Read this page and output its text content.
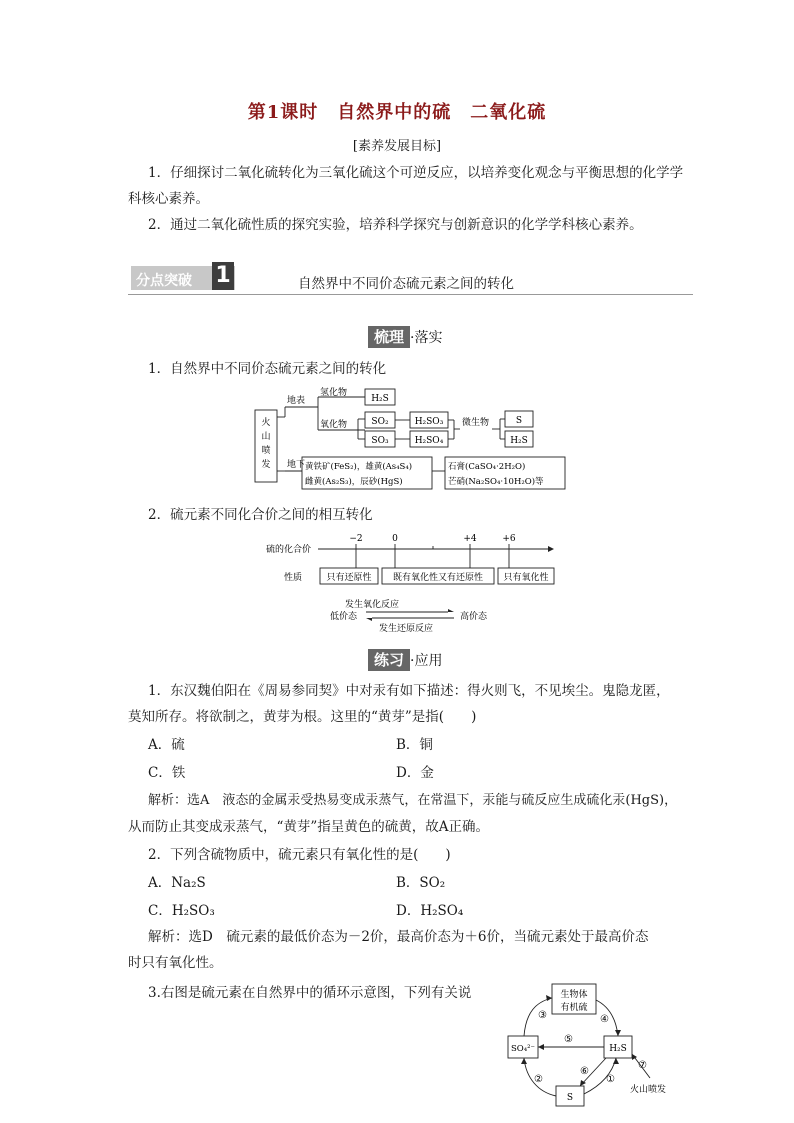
第1课时　自然界中的硫　二氧化硫
[素养发展目标]
1．仔细探讨二氧化硫转化为三氧化硫这个可逆反应，以培养变化观念与平衡思想的化学学科核心素养。
2．通过二氧化硫性质的探究实验，培养科学探究与创新意识的化学学科核心素养。
分点突破 1	自然界中不同价态硫元素之间的转化
梳理 ·落实
1．自然界中不同价态硫元素之间的转化
火
山
喷
发
地表
氢化物
氧化物
H₂S
SO₂
SO₃
H₂SO₃
H₂SO₄
微生物	S
H₂S
地下 黄铁矿(FeS₂)，雄黄(As₄S₄)
雌黄(As₂S₃)，辰砂(HgS)
石膏(CaSO₄·2H₂O)
芒硝(Na₂SO₄·10H₂O)等
2．硫元素不同化合价之间的相互转化
硫的化合价
−2	0	+4	+6
性质	只有还原性 既有氧化性又有还原性 只有氧化性
发生氧化反应
低价态	高价态
发生还原反应
练习 ·应用
1．东汉魏伯阳在《周易参同契》中对汞有如下描述：得火则飞，不见埃尘。鬼隐龙匿，
莫知所存。将欲制之，黄芽为根。这里的“黄芽”是指(　　)
A．硫	B．铜
C．铁	D．金
解析：选A　液态的金属汞受热易变成汞蒸气，在常温下，汞能与硫反应生成硫化汞(HgS)，
从而防止其变成汞蒸气，“黄芽”指呈黄色的硫黄，故A正确。
2．下列含硫物质中，硫元素只有氧化性的是(　　)
A．Na₂S	B．SO₂
C．H₂SO₃	D．H₂SO₄
解析：选D　硫元素的最低价态为－2价，最高价态为＋6价，当硫元素处于最高价态
时只有氧化性。
3.右图是硫元素在自然界中的循环示意图，下列有关说	生物体
有机硫
SO₄²⁻	H₂S
S
③	④
⑤
②
⑥
①
⑦
火山喷发
